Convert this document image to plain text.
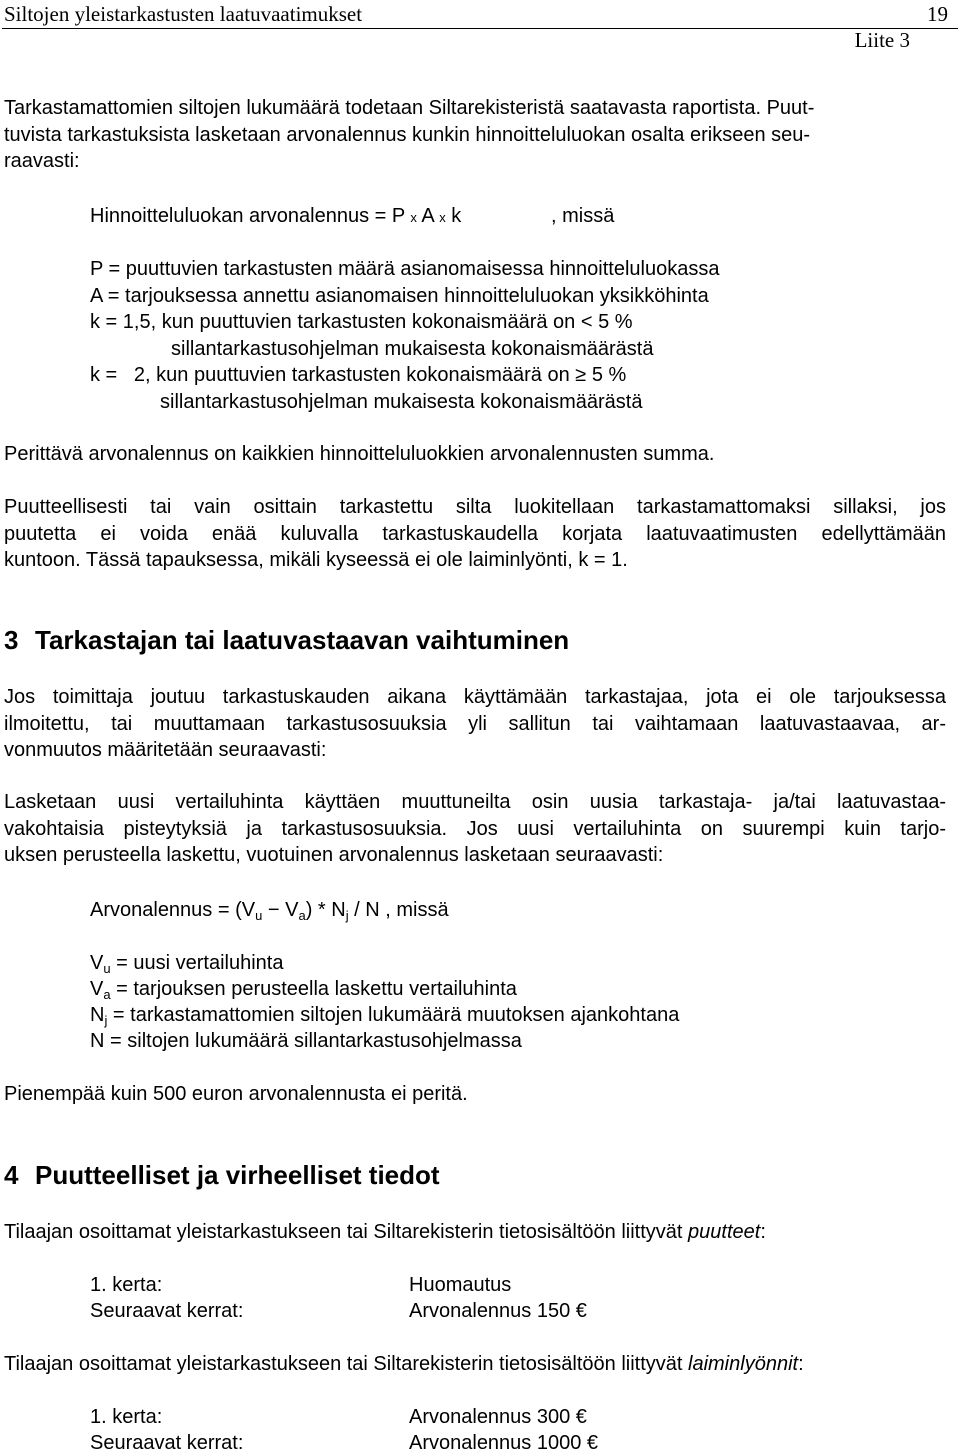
Siltojen yleistarkastusten laatuvaatimukset	19
Liite 3
Tarkastamattomien siltojen lukumäärä todetaan Siltarekisteristä saatavasta raportista. Puut-
tuvista tarkastuksista lasketaan arvonalennus kunkin hinnoitteluluokan osalta erikseen seu-
raavasti:
Hinnoitteluluokan arvonalennus = P x A x k	, missä
P = puuttuvien tarkastusten määrä asianomaisessa hinnoitteluluokassa
A = tarjouksessa annettu asianomaisen hinnoitteluluokan yksikköhinta
k = 1,5, kun puuttuvien tarkastusten kokonaismäärä on < 5 %
sillantarkastusohjelman mukaisesta kokonaismäärästä
k =   2, kun puuttuvien tarkastusten kokonaismäärä on ≥ 5 %
sillantarkastusohjelman mukaisesta kokonaismäärästä
Perittävä arvonalennus on kaikkien hinnoitteluluokkien arvonalennusten summa.
Puutteellisesti tai vain osittain tarkastettu silta luokitellaan tarkastamattomaksi sillaksi, jos
puutetta ei voida enää kuluvalla tarkastuskaudella korjata laatuvaatimusten edellyttämään
kuntoon. Tässä tapauksessa, mikäli kyseessä ei ole laiminlyönti, k = 1.
3 Tarkastajan tai laatuvastaavan vaihtuminen
Jos toimittaja joutuu tarkastuskauden aikana käyttämään tarkastajaa, jota ei ole tarjouksessa
ilmoitettu, tai muuttamaan tarkastusosuuksia yli sallitun tai vaihtamaan laatuvastaavaa, ar-
vonmuutos määritetään seuraavasti:
Lasketaan uusi vertailuhinta käyttäen muuttuneilta osin uusia tarkastaja- ja/tai laatuvastaa-
vakohtaisia pisteytyksiä ja tarkastusosuuksia. Jos uusi vertailuhinta on suurempi kuin tarjo-
uksen perusteella laskettu, vuotuinen arvonalennus lasketaan seuraavasti:
Arvonalennus = $(V_u - V_a) * N_j / N$ , missä
$V_u$ = uusi vertailuhinta
$V_a$ = tarjouksen perusteella laskettu vertailuhinta
$N_j$ = tarkastamattomien siltojen lukumäärä muutoksen ajankohtana
N = siltojen lukumäärä sillantarkastusohjelmassa
Pienempää kuin 500 euron arvonalennusta ei peritä.
4 Puutteelliset ja virheelliset tiedot
Tilaajan osoittamat yleistarkastukseen tai Siltarekisterin tietosisältöön liittyvät puutteet:
1. kerta:	Huomautus
Seuraavat kerrat:	Arvonalennus 150 €
Tilaajan osoittamat yleistarkastukseen tai Siltarekisterin tietosisältöön liittyvät laiminlyönnit:
1. kerta:	Arvonalennus 300 €
Seuraavat kerrat:	Arvonalennus 1000 €
